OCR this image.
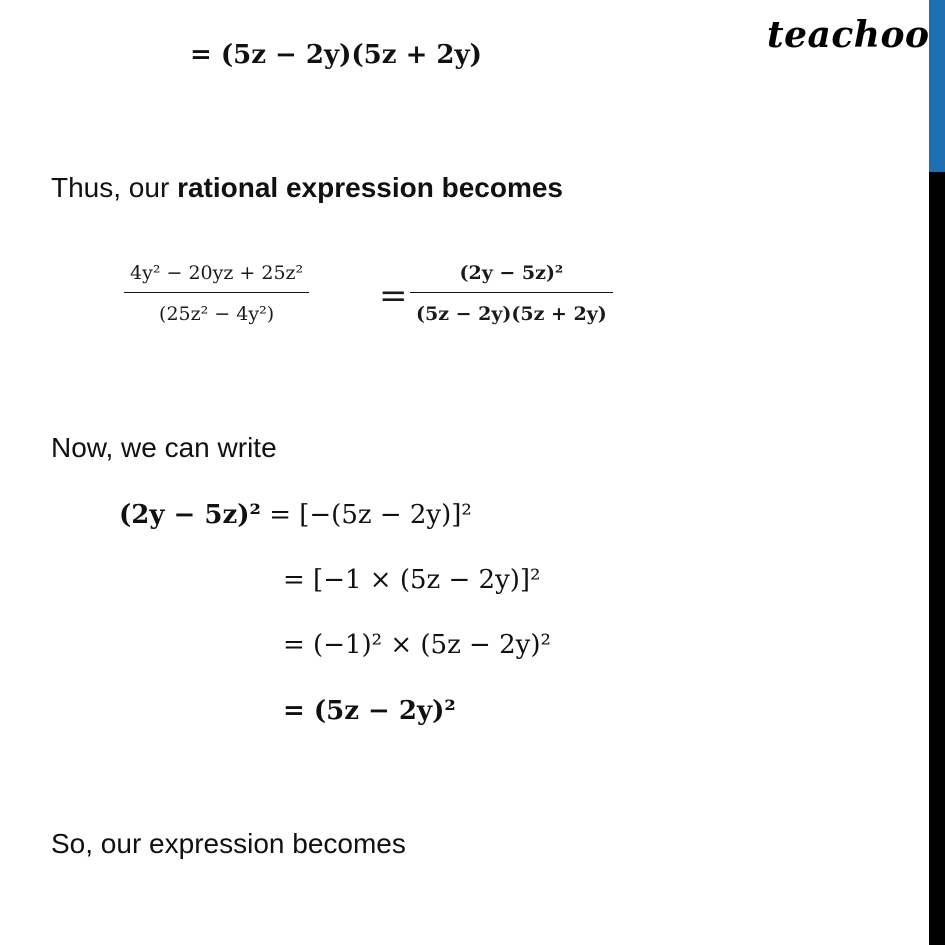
teachoo
= (5z − 2y)(5z + 2y)
Thus, our rational expression becomes
4y² − 20yz + 25z²
(25z² − 4y²)	=
(2y − 5z)²
(5z − 2y)(5z + 2y)
Now, we can write
(2y − 5z)² = [−(5z − 2y)]²
= [−1 × (5z − 2y)]²
= (−1)² × (5z − 2y)²
= (5z − 2y)²
So, our expression becomes
